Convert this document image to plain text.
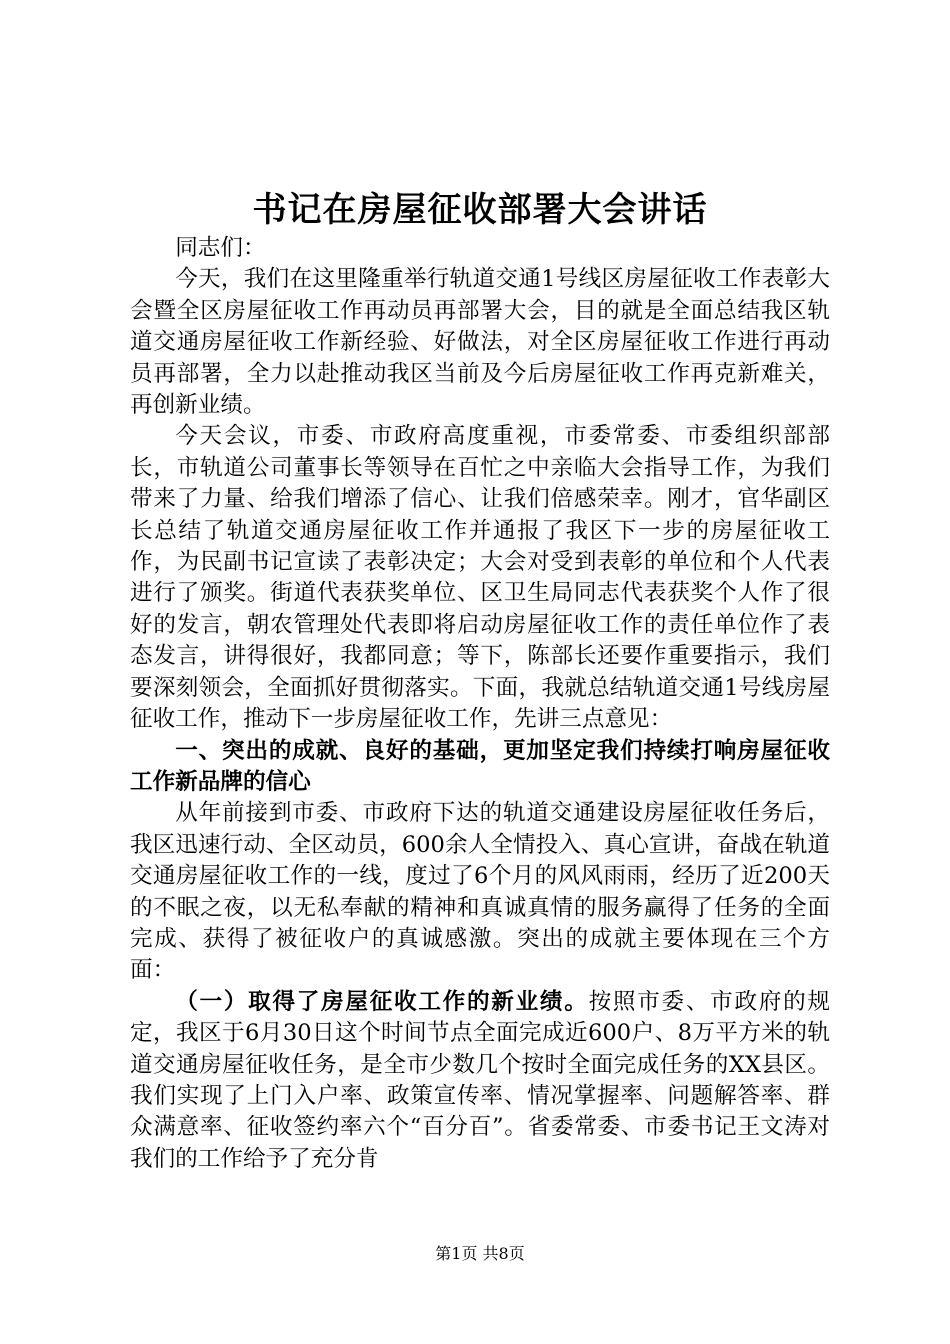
书记在房屋征收部署大会讲话

同志们：

今天，我们在这里隆重举行轨道交通1号线区房屋征收工作表彰大会暨全区房屋征收工作再动员再部署大会，目的就是全面总结我区轨道交通房屋征收工作新经验、好做法，对全区房屋征收工作进行再动员再部署，全力以赴推动我区当前及今后房屋征收工作再克新难关，再创新业绩。

今天会议，市委、市政府高度重视，市委常委、市委组织部部长，市轨道公司董事长等领导在百忙之中亲临大会指导工作，为我们带来了力量、给我们增添了信心、让我们倍感荣幸。刚才，官华副区长总结了轨道交通房屋征收工作并通报了我区下一步的房屋征收工作，为民副书记宣读了表彰决定；大会对受到表彰的单位和个人代表进行了颁奖。街道代表获奖单位、区卫生局同志代表获奖个人作了很好的发言，朝农管理处代表即将启动房屋征收工作的责任单位作了表态发言，讲得很好，我都同意；等下，陈部长还要作重要指示，我们要深刻领会，全面抓好贯彻落实。下面，我就总结轨道交通1号线房屋征收工作，推动下一步房屋征收工作，先讲三点意见：

一、突出的成就、良好的基础，更加坚定我们持续打响房屋征收工作新品牌的信心

从年前接到市委、市政府下达的轨道交通建设房屋征收任务后，我区迅速行动、全区动员，600余人全情投入、真心宣讲，奋战在轨道交通房屋征收工作的一线，度过了6个月的风风雨雨，经历了近200天的不眠之夜，以无私奉献的精神和真诚真情的服务赢得了任务的全面完成、获得了被征收户的真诚感激。突出的成就主要体现在三个方面：

（一）取得了房屋征收工作的新业绩。按照市委、市政府的规定，我区于6月30日这个时间节点全面完成近600户、8万平方米的轨道交通房屋征收任务，是全市少数几个按时全面完成任务的XX县区。我们实现了上门入户率、政策宣传率、情况掌握率、问题解答率、群众满意率、征收签约率六个“百分百”。省委常委、市委书记王文涛对我们的工作给予了充分肯

第1页 共8页
